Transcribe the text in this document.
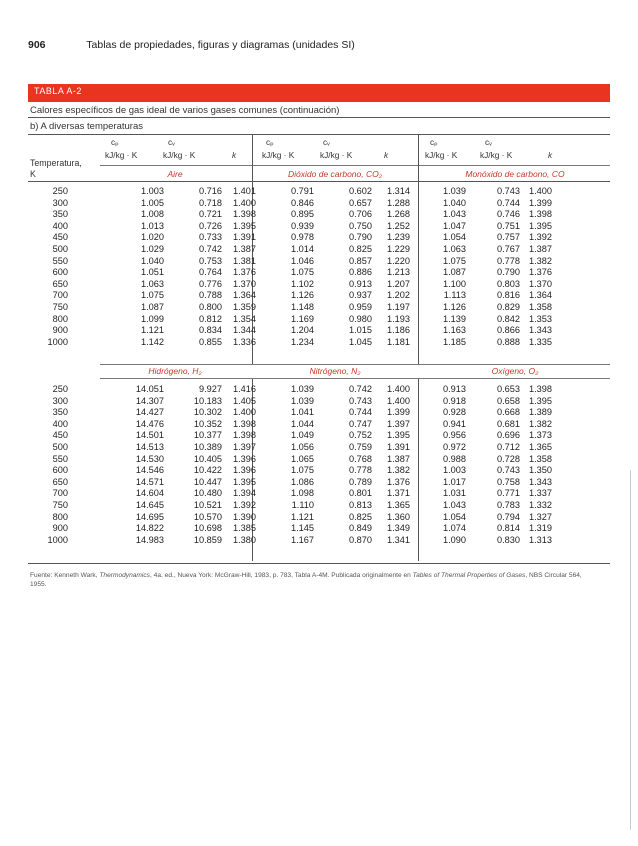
906	Tablas de propiedades, figuras y diagramas (unidades SI)
TABLA A-2
Calores específicos de gas ideal de varios gases comunes (continuación)
b) A diversas temperaturas
cₚ	cᵥ	cₚ	cᵥ	cₚ	cᵥ
kJ/kg · K	kJ/kg · K	k	kJ/kg · K	kJ/kg · K	k	kJ/kg · K	kJ/kg · K	k
Temperatura,
K	Aire	Dióxido de carbono, CO₂	Monóxido de carbono, CO
250	1.003	0.716	1.401	0.791	0.602	1.314	1.039	0.743	1.400
300	1.005	0.718	1.400	0.846	0.657	1.288	1.040	0.744	1.399
350	1.008	0.721	1.398	0.895	0.706	1.268	1.043	0.746	1.398
400	1.013	0.726	1.395	0.939	0.750	1.252	1.047	0.751	1.395
450	1.020	0.733	1.391	0.978	0.790	1.239	1.054	0.757	1.392
500	1.029	0.742	1.387	1.014	0.825	1.229	1.063	0.767	1.387
550	1.040	0.753	1.381	1.046	0.857	1.220	1.075	0.778	1.382
600	1.051	0.764	1.376	1.075	0.886	1.213	1.087	0.790	1.376
650	1.063	0.776	1.370	1.102	0.913	1.207	1.100	0.803	1.370
700	1.075	0.788	1.364	1.126	0.937	1.202	1.113	0.816	1.364
750	1.087	0.800	1.359	1.148	0.959	1.197	1.126	0.829	1.358
800	1.099	0.812	1.354	1.169	0.980	1.193	1.139	0.842	1.353
900	1.121	0.834	1.344	1.204	1.015	1.186	1.163	0.866	1.343
1000	1.142	0.855	1.336	1.234	1.045	1.181	1.185	0.888	1.335
Hidrógeno, H₂	Nitrógeno, N₂	Oxígeno, O₂
250	14.051	9.927	1.416	1.039	0.742	1.400	0.913	0.653	1.398
300	14.307	10.183	1.405	1.039	0.743	1.400	0.918	0.658	1.395
350	14.427	10.302	1.400	1.041	0.744	1.399	0.928	0.668	1.389
400	14.476	10.352	1.398	1.044	0.747	1.397	0.941	0.681	1.382
450	14.501	10.377	1.398	1.049	0.752	1.395	0.956	0.696	1.373
500	14.513	10.389	1.397	1.056	0.759	1.391	0.972	0.712	1.365
550	14.530	10.405	1.396	1.065	0.768	1.387	0.988	0.728	1.358
600	14.546	10.422	1.396	1.075	0.778	1.382	1.003	0.743	1.350
650	14.571	10.447	1.395	1.086	0.789	1.376	1.017	0.758	1.343
700	14.604	10.480	1.394	1.098	0.801	1.371	1.031	0.771	1.337
750	14.645	10.521	1.392	1.110	0.813	1.365	1.043	0.783	1.332
800	14.695	10.570	1.390	1.121	0.825	1.360	1.054	0.794	1.327
900	14.822	10.698	1.385	1.145	0.849	1.349	1.074	0.814	1.319
1000	14.983	10.859	1.380	1.167	0.870	1.341	1.090	0.830	1.313
Fuente: Kenneth Wark, Thermodynamics, 4a. ed., Nueva York: McGraw-Hill, 1983, p. 783, Tabla A-4M. Publicada originalmente en Tables of Thermal Properties of Gases, NBS Circular 564, 1955.
